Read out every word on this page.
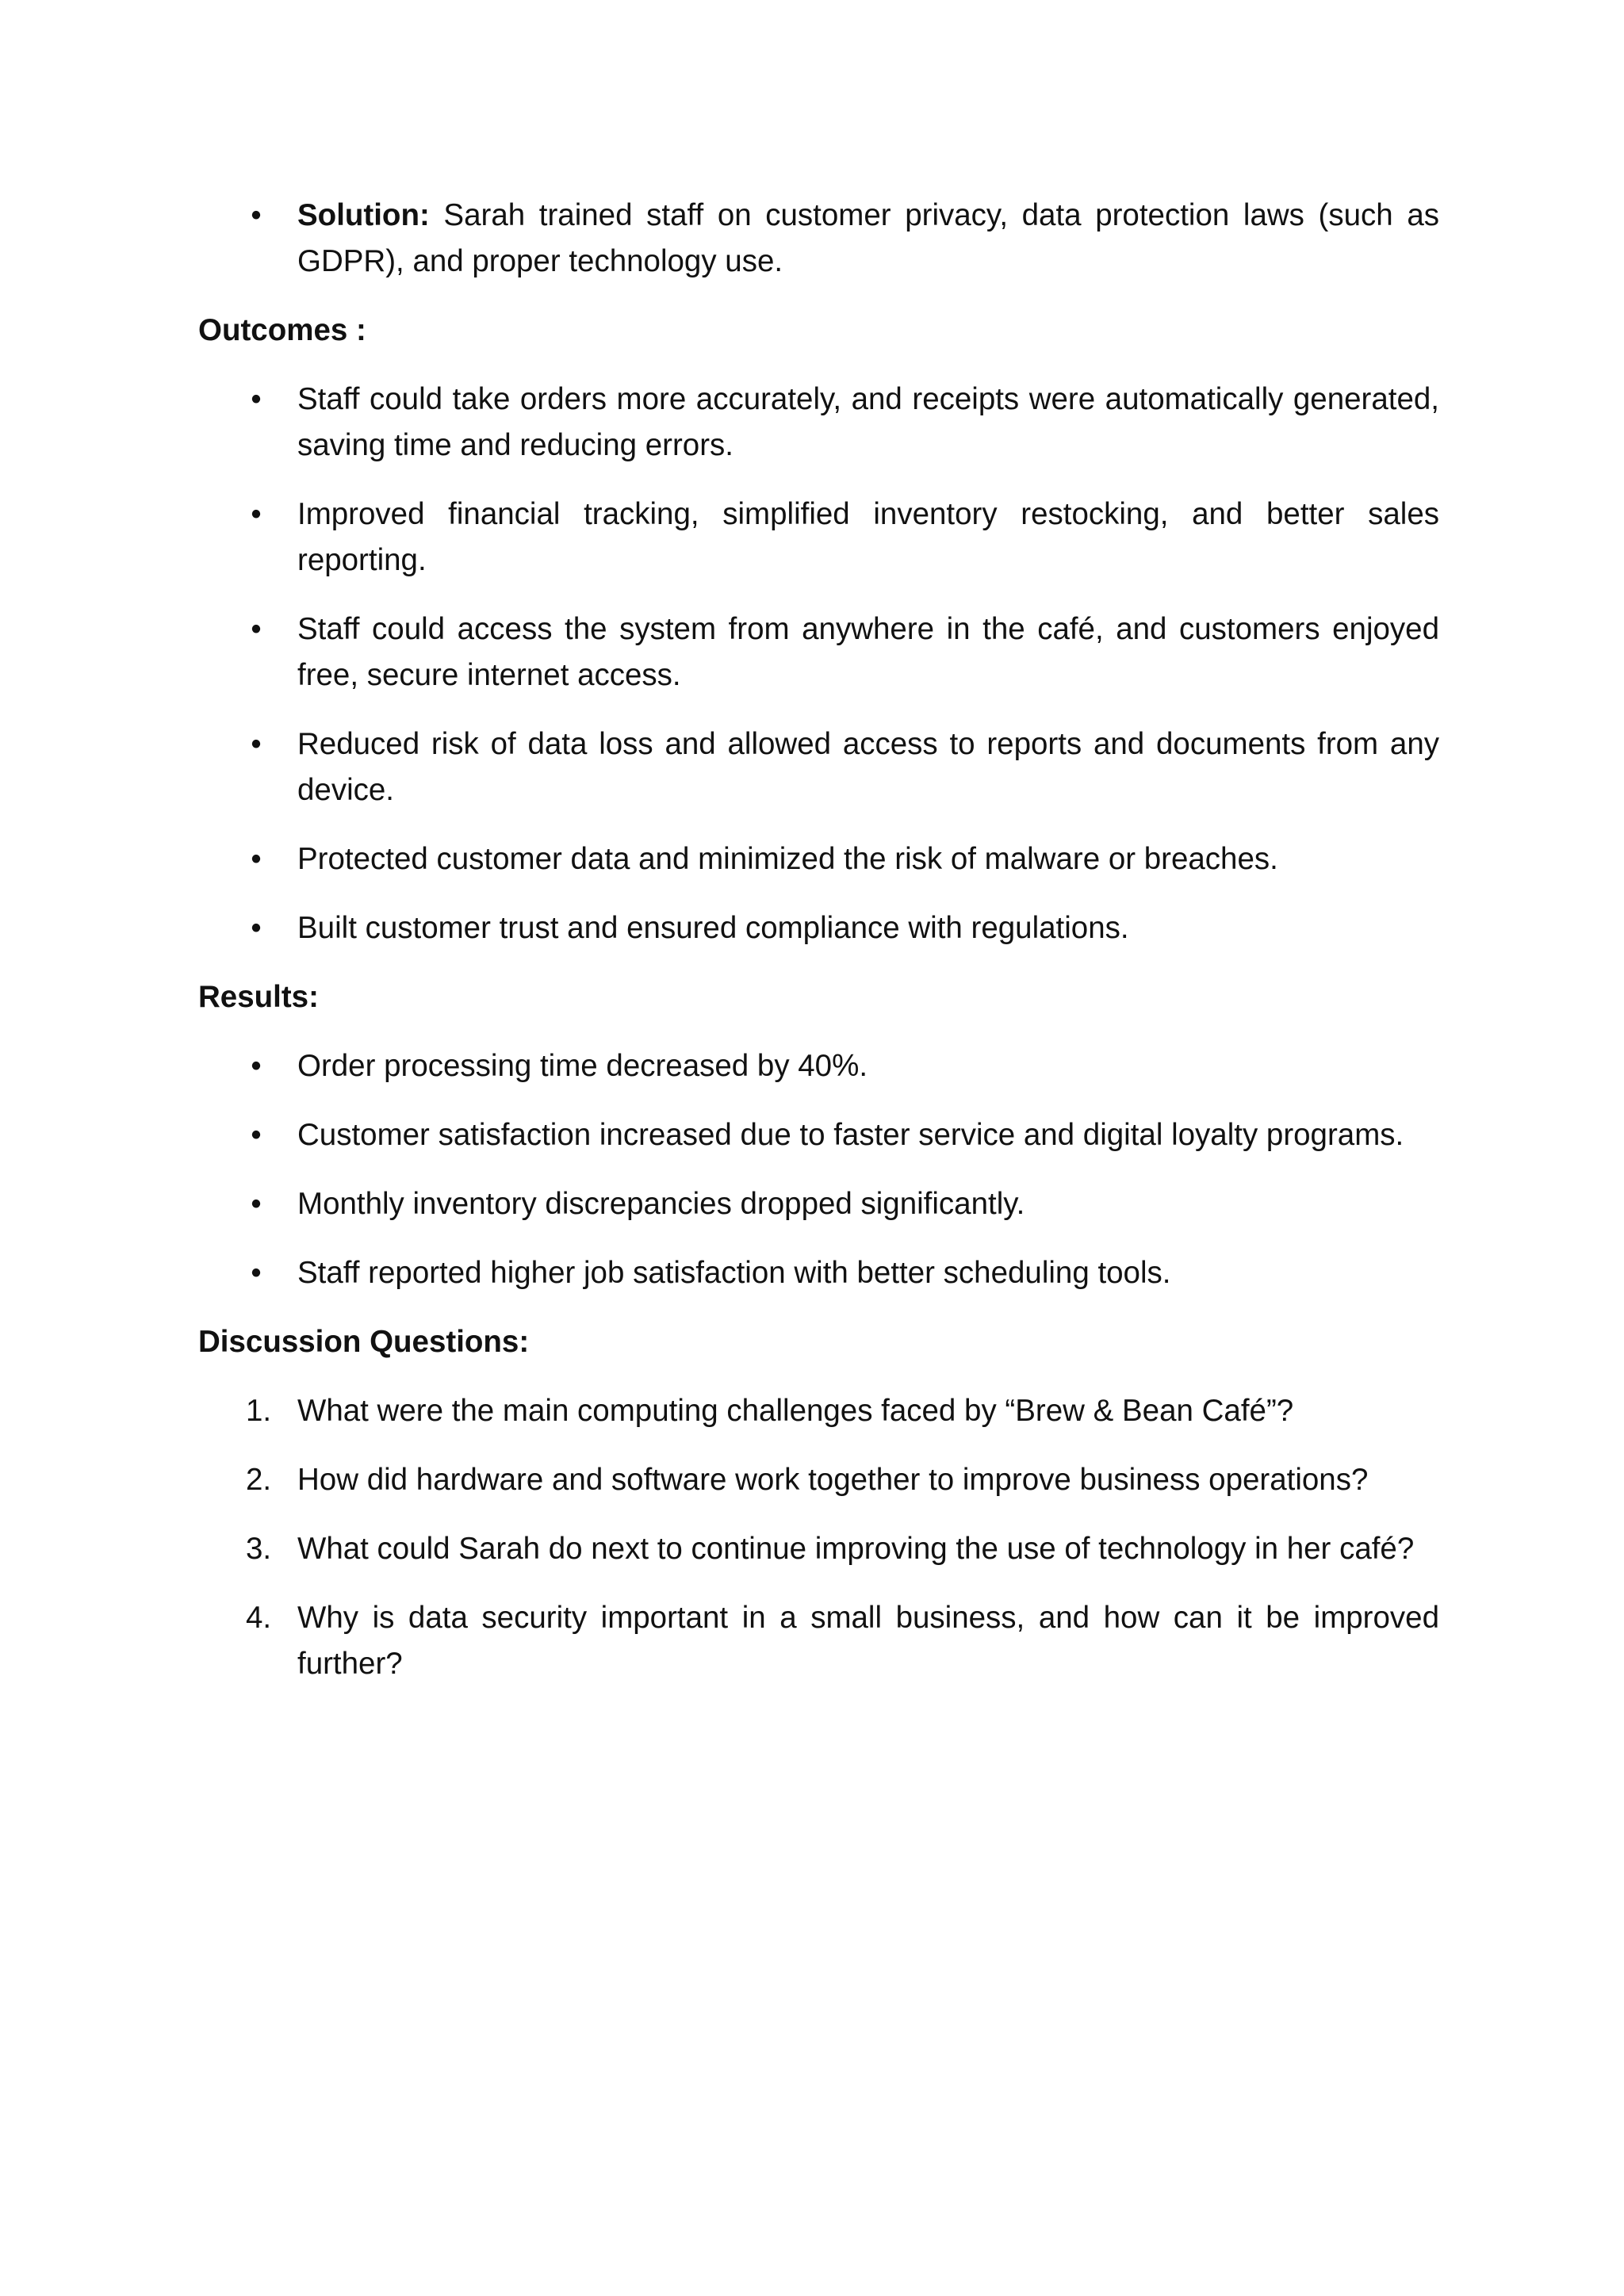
• Solution: Sarah trained staff on customer privacy, data protection laws (such as GDPR), and proper technology use.

Outcomes :

• Staff could take orders more accurately, and receipts were automatically generated, saving time and reducing errors.
• Improved financial tracking, simplified inventory restocking, and better sales reporting.
• Staff could access the system from anywhere in the café, and customers enjoyed free, secure internet access.
• Reduced risk of data loss and allowed access to reports and documents from any device.
• Protected customer data and minimized the risk of malware or breaches.
• Built customer trust and ensured compliance with regulations.

Results:

• Order processing time decreased by 40%.
• Customer satisfaction increased due to faster service and digital loyalty programs.
• Monthly inventory discrepancies dropped significantly.
• Staff reported higher job satisfaction with better scheduling tools.

Discussion Questions:

1. What were the main computing challenges faced by “Brew & Bean Café”?
2. How did hardware and software work together to improve business operations?
3. What could Sarah do next to continue improving the use of technology in her café?
4. Why is data security important in a small business, and how can it be improved further?
